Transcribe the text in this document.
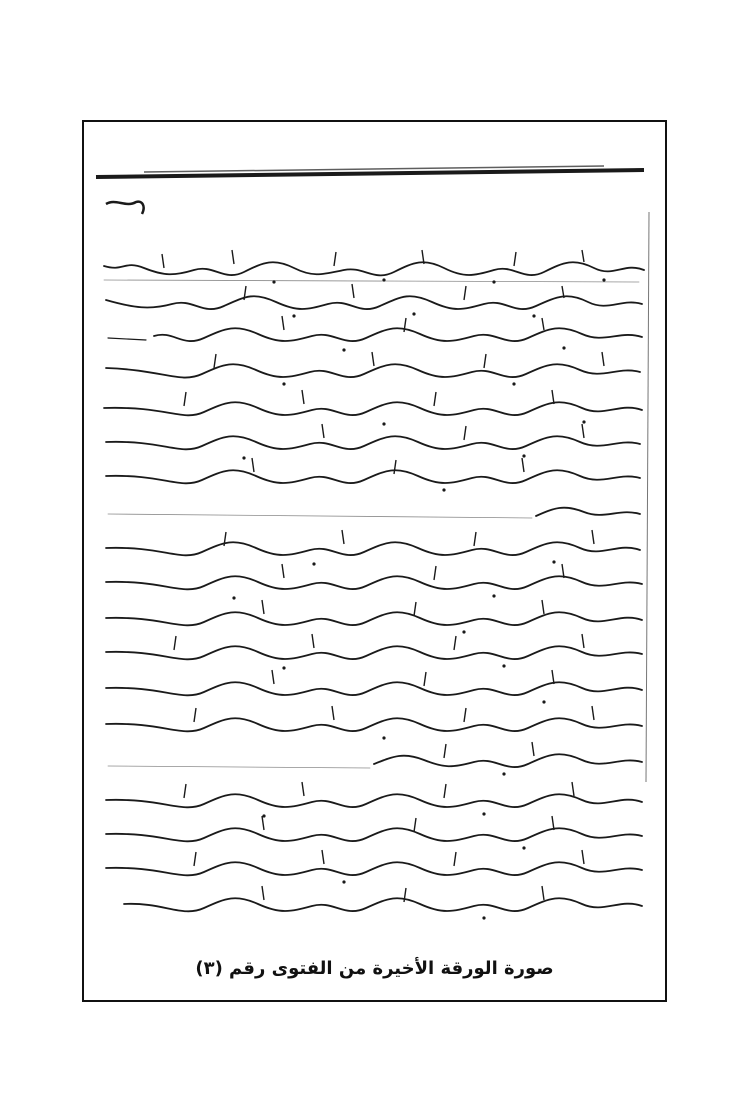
صورة الورقة الأخيرة من الفتوى رقم (٣)
